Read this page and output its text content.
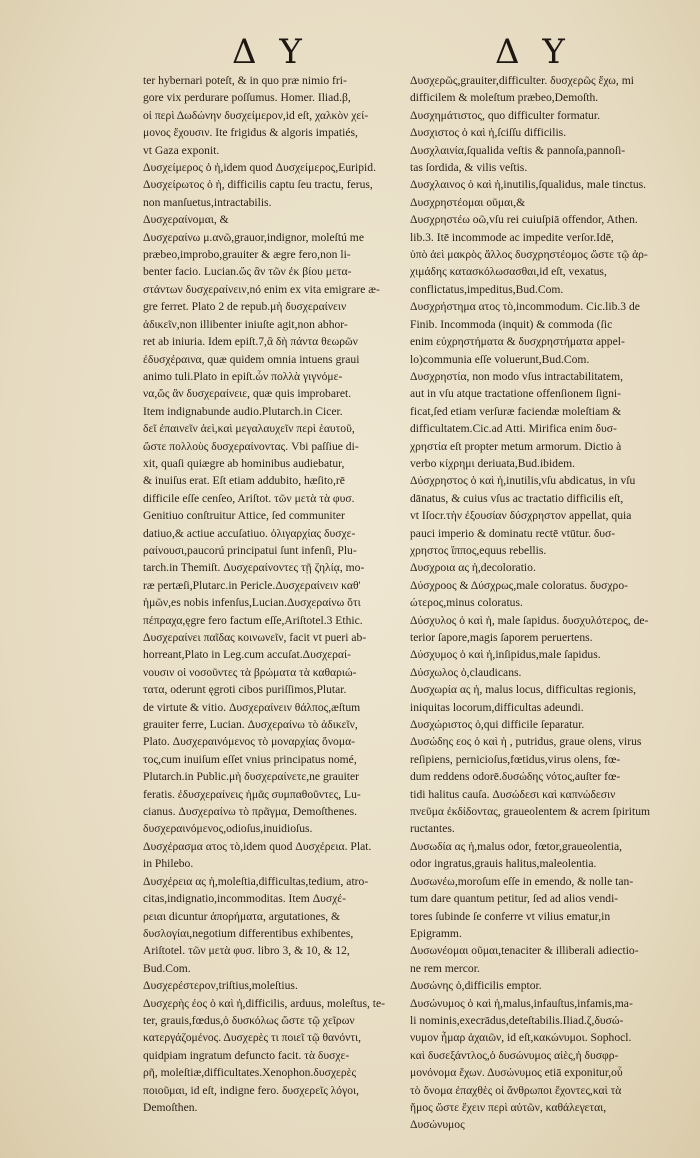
Δ Υ	Δ Υ
ter hybernari poteſt, & in quo præ nimio fri-
gore vix perdurare poſſumus. Homer. Iliad.β,
οἱ περὶ Δωδώνην δυσχείμερον,id eſt, χαλκὸν χεί-
μονος ἔχουσιν. Ite frigidus & algoris impatiés,
vt Gaza exponit.
Δυσχείμερος ὁ ἡ,idem quod Δυσχείμερος,Euripid.
Δυσχείρωτος ὁ ἡ, difficilis captu ſeu tractu, ferus,
non manſuetus,intractabilis.
Δυσχεραίνομαι, &
Δυσχεραίνω μ.ανῶ,grauor,indignor, moleſtú me
præbeo,improbo,grauiter & ægre fero,non li-
benter facio. Lucian.ὥς ἂν τῶν ἐκ βίου μετα-
στάντων δυσχεραίνειν,nó enim ex vita emigrare æ-
gre ferret. Plato 2 de repub.μὴ δυσχεραίνειν
ἀδικεῖν,non illibenter iniuſte agit,non abhor-
ret ab iniuria. Idem epiſt.7,ἃ δὴ πάντα θεωρῶν
ἐδυσχέραινα, quæ quidem omnia intuens graui
animo tuli.Plato in epiſt.ὧν πολλὰ γιγνόμε-
να,ὥς ἂν δυσχεραίνειε, quæ quis improbaret.
Item indignabunde audio.Plutarch.in Cicer.
δεῖ ἐπαινεῖν ἀεὶ,καὶ μεγαλαυχεῖν περὶ ἑαυτοῦ,
ὥστε πολλοὺς δυσχεραίνοντας. Vbi paſſiue di-
xit, quaſi quiægre ab hominibus audiebatur,
& inuiſus erat. Eſt etiam addubito, hæſito,rē
difficile eſſe cenſeo, Ariſtot. τῶν μετὰ τὰ φυσ.
Genitiuo conſtruitur Attice, ſed communiter
datiuo,& actiue accuſatiuo. ὀλιγαρχίας δυσχε-
ραίνουσι,paucorú principatui ſunt infenſi, Plu-
tarch.in Themiſt. Δυσχεραίνοντες τῇ ζηλίᾳ, mo-
ræ pertæſi,Plutarc.in Pericle.Δυσχεραίνειν καθ'
ἡμῶν,es nobis infenſus,Lucian.Δυσχεραίνω ὅτι
πέπραχα,ęgre fero factum eſſe,Ariſtotel.3 Ethic.
Δυσχεραίνει παῖδας κοινωνεῖν, facit vt pueri ab-
horreant,Plato in Leg.cum accuſat.Δυσχεραί-
νουσιν οἱ νοσοῦντες τὰ βρώματα τὰ καθαριώ-
τατα, oderunt ęgroti cibos puriſſimos,Plutar.
de virtute & vitio. Δυσχεραίνειν θάλπος,æſtum
grauiter ferre, Lucian. Δυσχεραίνω τὸ ἀδικεῖν,
Plato. Δυσχεραινόμενος τὸ μοναρχίας ὄνομα-
τος,cum inuiſum eſſet vnius principatus nomé,
Plutarch.in Public.μὴ δυσχεραίνετε,ne grauiter
feratis. ἐδυσχεραίνεις ἡμᾶς συμπαθοῦντες, Lu-
cianus. Δυσχεραίνω τὸ πρᾶγμα, Demoſthenes.
δυσχεραινόμενος,odioſus,inuidioſus.
Δυσχέρασμα ατος τὸ,idem quod Δυσχέρεια. Plat.
in Philebo.
Δυσχέρεια ας ἡ,moleſtia,difficultas,tedium, atro-
citas,indignatio,incommoditas. Item Δυσχέ-
ρειαι dicuntur ἀπορήματα, argutationes, &
δυσλογίαι,negotium differentibus exhibentes,
Ariſtotel. τῶν μετὰ φυσ. libro 3, & 10, & 12,
Bud.Com.
Δυσχερέστερον,triſtius,moleſtius.
Δυσχερὴς έος ὁ καὶ ἡ,difficilis, arduus, moleſtus, te-
ter, grauis,fœdus,ὁ δυσκόλως ὥστε τῷ χεῖρων
κατεργάζομένος. Δυσχερὲς τι ποιεῖ τῷ θανόντι,
quidpiam ingratum defuncto facit. τὰ δυσχε-
ρῆ, moleſtiæ,difficultates.Xenophon.δυσχερὲς
ποιοῦμαι, id eſt, indigne fero. δυσχερεῖς λόγοι,
Demoſthen.
Δυσχερῶς,grauiter,difficulter. δυσχερῶς ἔχω, mi
difficilem & moleſtum præbeo,Demoſth.
Δυσχημάτιστος, quo difficulter formatur.
Δυσχιστος ὁ καὶ ἡ,ſciſſu difficilis.
Δυσχλαινία,ſqualida veſtis & pannoſa,pannoſi-
tas ſordida, & vilis veſtis.
Δυσχλαινος ὁ καὶ ἡ,inutilis,ſqualidus, male tinctus.
Δυσχρηστέομαι οῦμαι,&
Δυσχρηστέω οῶ,vſu rei cuiuſpiā offendor, Athen.
lib.3. Itē incommode ac impedite verſor.Idē,
ὑπὸ ἀεὶ μακρὸς ἄλλος δυσχρηστέομος ὥστε τῷ ἀρ-
χιμάδης κατασκόλωσασθαι,id eſt, vexatus,
conflictatus,impeditus,Bud.Com.
Δυσχρήστημα ατος τὸ,incommodum. Cic.lib.3 de
Finib. Incommoda (inquit) & commoda (ſic
enim εὐχρηστήματα & δυσχρηστήματα appel-
lo)communia eſſe voluerunt,Bud.Com.
Δυσχρηστία, non modo vſus intractabilitatem,
aut in vſu atque tractatione offenſionem ſigni-
ficat,ſed etiam verſuræ faciendæ moleſtiam &
difficultatem.Cic.ad Atti. Mirifica enim δυσ-
χρηστία eſt propter metum armorum. Dictio à
verbo κίχρημι deriuata,Bud.ibidem.
Δύσχρηστος ὁ καὶ ἡ,inutilis,vſu abdicatus, in vſu
dānatus, & cuius vſus ac tractatio difficilis eſt,
vt Iſocr.τὴν ἐξουσίαν δύσχρηστον appellat, quia
pauci imperio & dominatu rectē vtūtur. δυσ-
χρηστος ἵππος,equus rebellis.
Δυσχροια ας ἡ,decoloratio.
Δύσχροος & Δύσχρως,male coloratus. δυσχρο-
ώτερος,minus coloratus.
Δύσχυλος ὁ καὶ ἡ, male ſapidus. δυσχυλότερος, de-
terior ſapore,magis ſaporem peruertens.
Δύσχυμος ὁ καὶ ἡ,inſipidus,male ſapidus.
Δύσχωλος ὁ,claudicans.
Δυσχωρία ας ἡ, malus locus, difficultas regionis,
iniquitas locorum,difficultas adeundi.
Δυσχώριστος ὁ,qui difficile ſeparatur.
Δυσώδης εος ὁ καὶ ἡ , putridus, graue olens, virus
reſipiens, pernicioſus,fœtidus,virus olens, fœ-
dum reddens odorē.δυσώδης νότος,auſter fœ-
tidi halitus cauſa. Δυσώδεσι καὶ καπνώδεσιν
πνεῦμα ἐκδίδοντας, graueolentem & acrem ſpiritum
ructantes.
Δυσωδία ας ἡ,malus odor, fœtor,graueolentia,
odor ingratus,grauis halitus,maleolentia.
Δυσωνέω,moroſum eſſe in emendo, & nolle tan-
tum dare quantum petitur, ſed ad alios vendi-
tores ſubinde ſe conferre vt vilius ematur,in
Epigramm.
Δυσωνέομαι οῦμαι,tenaciter & illiberali adiectio-
ne rem mercor.
Δυσώνης ὁ,difficilis emptor.
Δυσώνυμος ὁ καὶ ἡ,malus,infauſtus,infamis,ma-
li nominis,execrādus,deteſtabilis.Iliad.ζ,δυσώ-
νυμον ἦμαρ ἀχαιῶν, id eſt,κακώνυμοι. Sophocl.
καὶ δυσεξάντλος,ὁ δυσώνυμος αἰὲς,ἡ δυσφρ-
μονόνομα ἔχων. Δυσώνυμος etiā exponitur,οὗ
τὸ ὄνομα ἐπαχθὲς οἱ ἄνθρωποι ἔχοντες,καὶ τὰ
ἥμος ὥστε ἔχειν περὶ αὐτῶν, καθάλεγεται,
Δυσώνυμος
